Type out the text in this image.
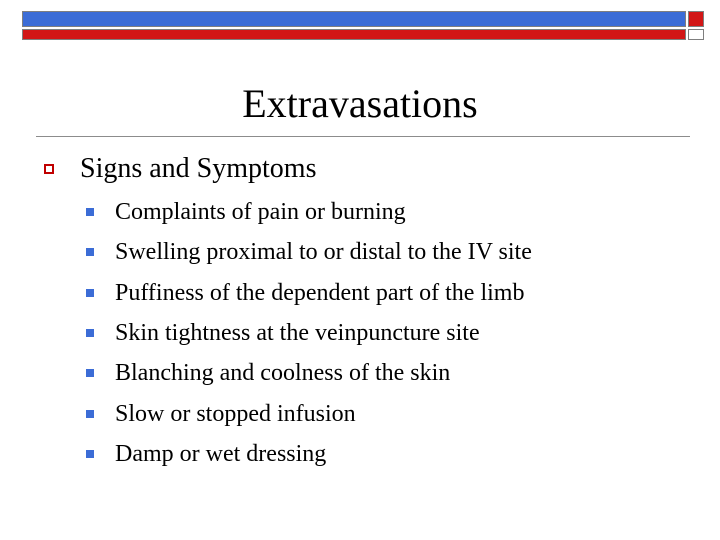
Extravasations
Signs and Symptoms
Complaints of pain or burning
Swelling proximal to or distal to the IV site
Puffiness of the dependent part of the limb
Skin tightness at the veinpuncture site
Blanching and coolness of the skin
Slow or stopped infusion
Damp or wet dressing
